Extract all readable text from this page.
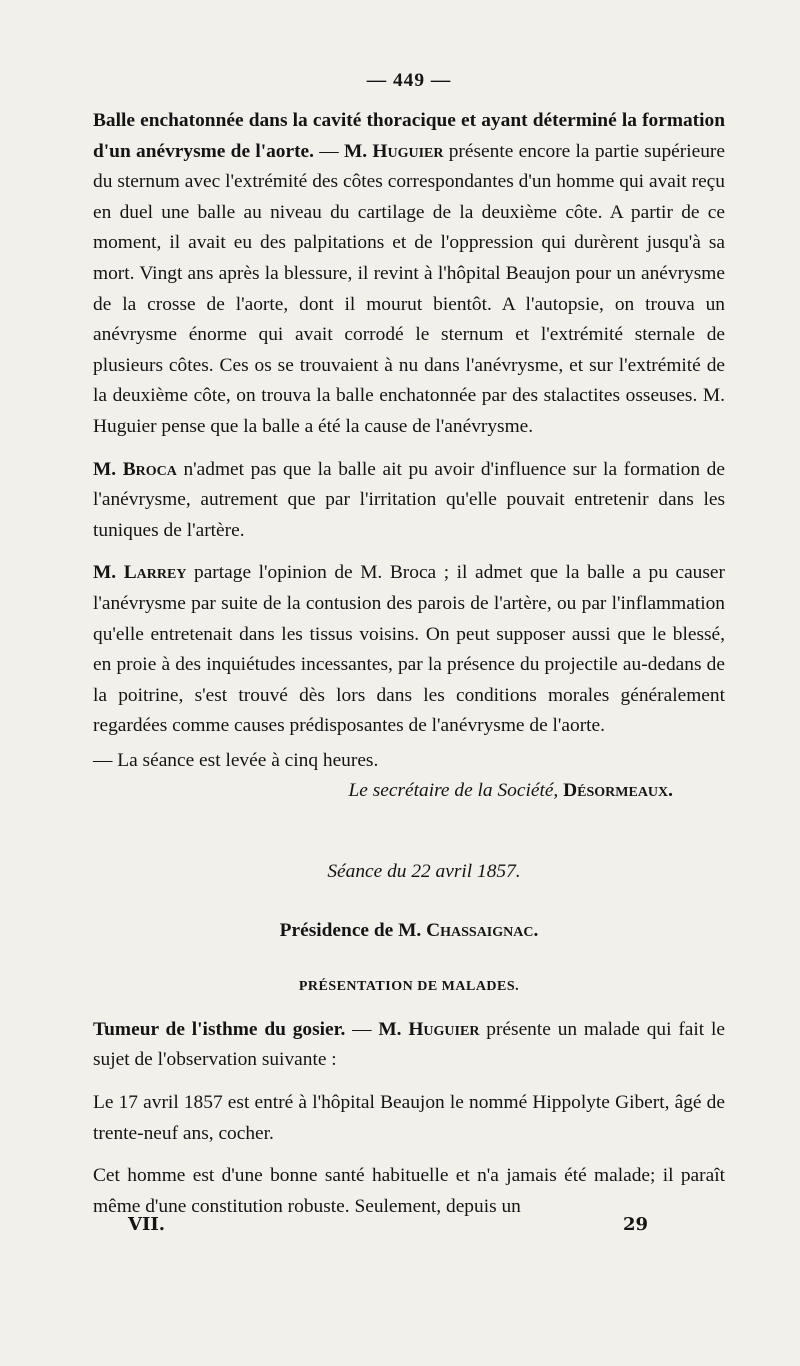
— 449 —

Balle enchatonnée dans la cavité thoracique et ayant déterminé la formation d'un anévrysme de l'aorte. — M. Huguier présente encore la partie supérieure du sternum avec l'extrémité des côtes correspondantes d'un homme qui avait reçu en duel une balle au niveau du cartilage de la deuxième côte. A partir de ce moment, il avait eu des palpitations et de l'oppression qui durèrent jusqu'à sa mort. Vingt ans après la blessure, il revint à l'hôpital Beaujon pour un anévrysme de la crosse de l'aorte, dont il mourut bientôt. A l'autopsie, on trouva un anévrysme énorme qui avait corrodé le sternum et l'extrémité sternale de plusieurs côtes. Ces os se trouvaient à nu dans l'anévrysme, et sur l'extrémité de la deuxième côte, on trouva la balle enchatonnée par des stalactites osseuses. M. Huguier pense que la balle a été la cause de l'anévrysme.

M. Broca n'admet pas que la balle ait pu avoir d'influence sur la formation de l'anévrysme, autrement que par l'irritation qu'elle pouvait entretenir dans les tuniques de l'artère.

M. Larrey partage l'opinion de M. Broca ; il admet que la balle a pu causer l'anévrysme par suite de la contusion des parois de l'artère, ou par l'inflammation qu'elle entretenait dans les tissus voisins. On peut supposer aussi que le blessé, en proie à des inquiétudes incessantes, par la présence du projectile au-dedans de la poitrine, s'est trouvé dès lors dans les conditions morales généralement regardées comme causes prédisposantes de l'anévrysme de l'aorte.

— La séance est levée à cinq heures.

Le secrétaire de la Société, Désormeaux.

Séance du 22 avril 1857.

Présidence de M. Chassaignac.

PRÉSENTATION DE MALADES.

Tumeur de l'isthme du gosier. — M. Huguier présente un malade qui fait le sujet de l'observation suivante :

Le 17 avril 1857 est entré à l'hôpital Beaujon le nommé Hippolyte Gibert, âgé de trente-neuf ans, cocher.

Cet homme est d'une bonne santé habituelle et n'a jamais été malade; il paraît même d'une constitution robuste. Seulement, depuis un

VII.	29
